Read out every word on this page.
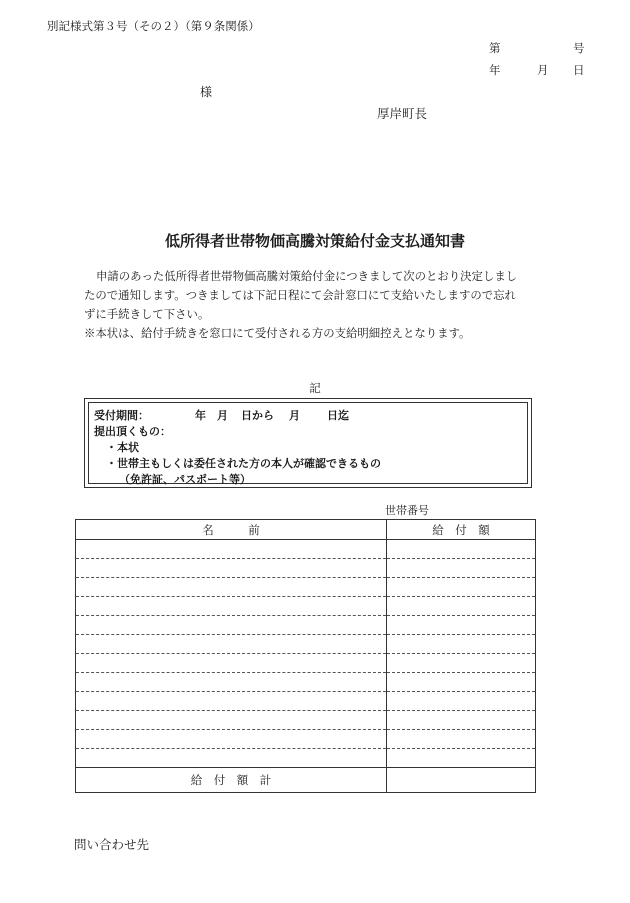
別記様式第３号（その２）（第９条関係）
第	号
年	月 日
様
厚岸町長
低所得者世帯物価高騰対策給付金支払通知書
申請のあった低所得者世帯物価高騰対策給付金につきまして次のとおり決定しまし
たので通知します。つきましては下記日程にて会計窓口にて支給いたしますので忘れ
ずに手続きして下さい。
※本状は、給付手続きを窓口にて受付される方の支給明細控えとなります。
記
受付期間：	年 月 日から 月 日迄
提出頂くもの：
・本状
・世帯主もしくは委任された方の本人が確認できるもの
（免許証、パスポート等）
世帯番号
名　　　前	給　付　額

給　付　額　計	
問い合わせ先
